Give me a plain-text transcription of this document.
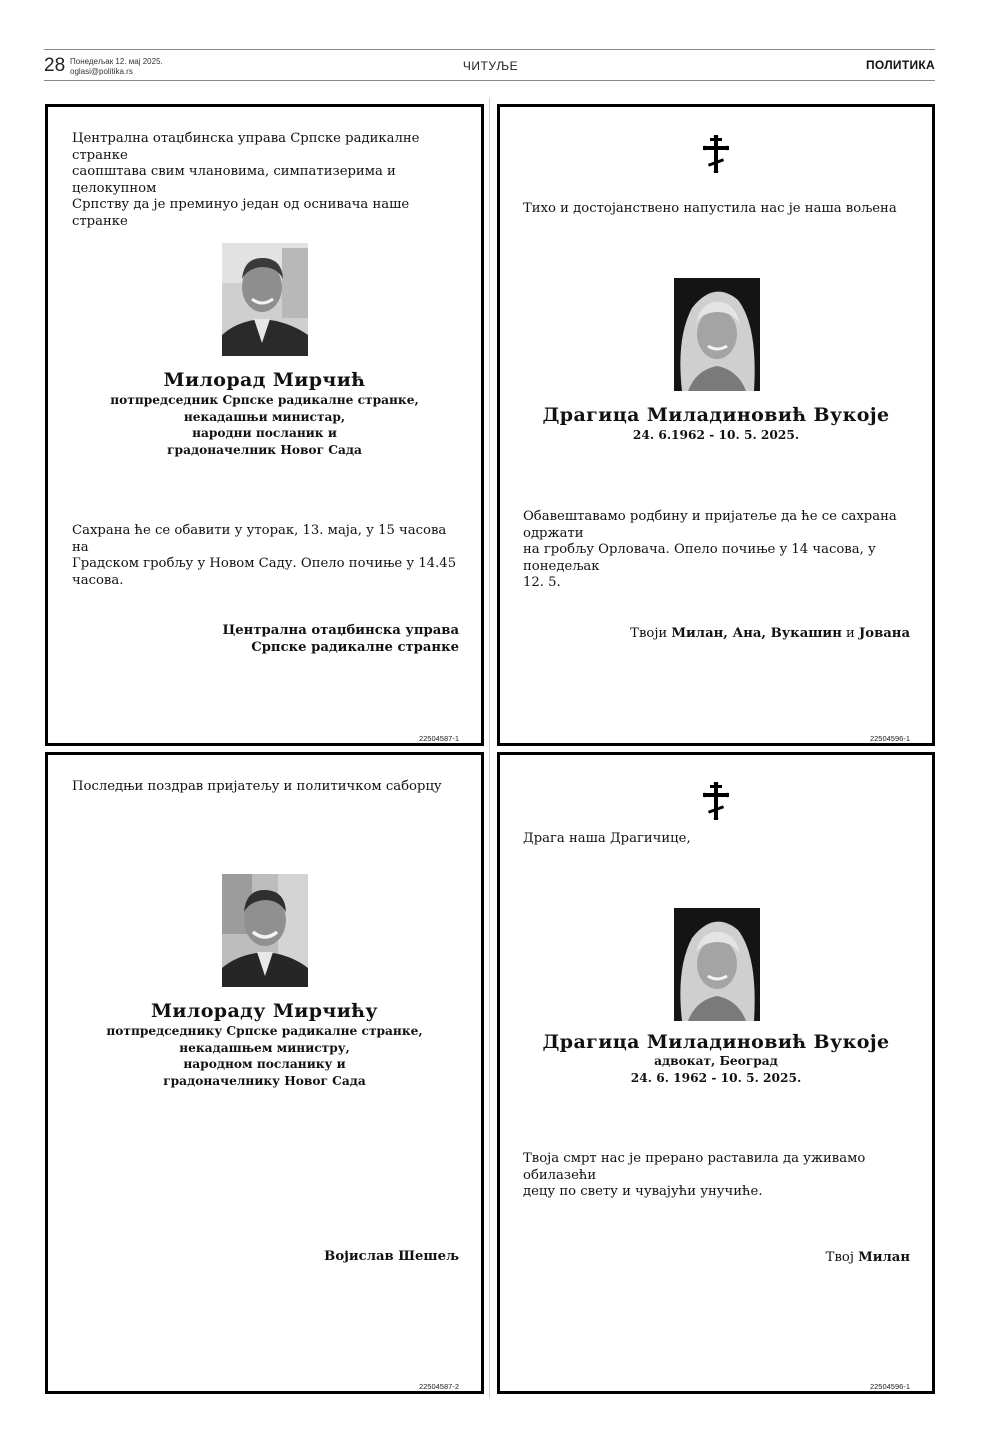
28 Понедељак 12. мај 2025.
oglasi@politika.rs	ЧИТУЉЕ	ПОЛИТИКА
Централна отаџбинска управа Српске радикалне странке
саопштава свим члановима, симпатизерима и целокупном
Српству да је преминуо један од оснивача наше странке
Милорад Мирчић
потпредседник Српске радикалне странке,
некадашњи министар,
народни посланик и
градоначелник Новог Сада
Сахрана ће се обавити у уторак, 13. маја, у 15 часова на
Градском гробљу у Новом Саду. Опело почиње у 14.45 часова.
Централна отаџбинска управа
Српске радикалне странке
22504587-1
Тихо и достојанствено напустила нас је наша вољена
Драгица Миладиновић Вукоје
24. 6.1962 - 10. 5. 2025.
Обавештавамо родбину и пријатеље да ће се сахрана одржати
на гробљу Орловача. Опело почиње у 14 часова, у понедељак
12. 5.
Твоји Милан, Ана, Вукашин и Јована
22504596-1
Последњи поздрав пријатељу и политичком саборцу
Милораду Мирчићу
потпредседнику Српске радикалне странке,
некадашњем министру,
народном посланику и
градоначелнику Новог Сада
Војислав Шешељ
22504587-2
Драга наша Драгичице,
Драгица Миладиновић Вукоје
адвокат, Београд
24. 6. 1962 - 10. 5. 2025.
Твоја смрт нас је прерано раставила да уживамо обилазећи
децу по свету и чувајући унучиће.
Твој Милан
22504596-1
